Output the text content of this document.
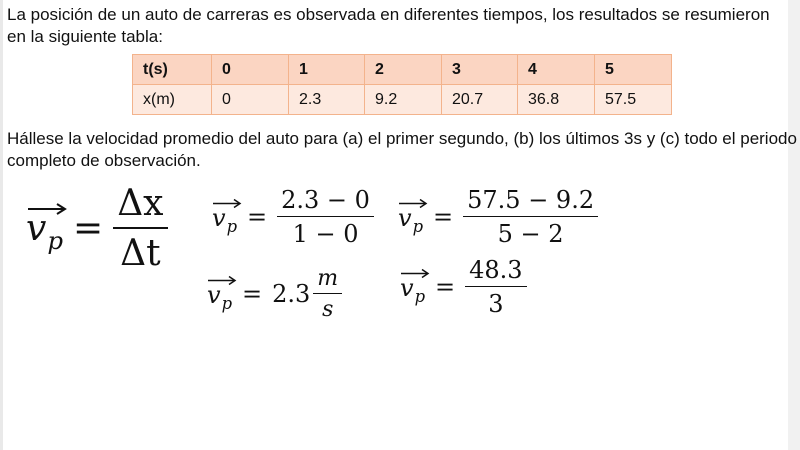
La posición de un auto de carreras es observada en diferentes tiempos, los resultados se resumieron en la siguiente tabla:

t(s)	0	1	2	3	4	5
x(m)	0	2.3	9.2	20.7	36.8	57.5

Hállese la velocidad promedio del auto para (a) el primer segundo, (b) los últimos 3s y (c) todo el periodo completo de observación.

$v_p = \frac{\Delta x}{\Delta t} v_p = \frac{2.3 - 0}{1 - 0}$
$v_p = 2.3 \frac{m}{s}$
$v_p = \frac{57.5 - 9.2}{5 - 2}$
$v_p = \frac{48.3}{3}$
